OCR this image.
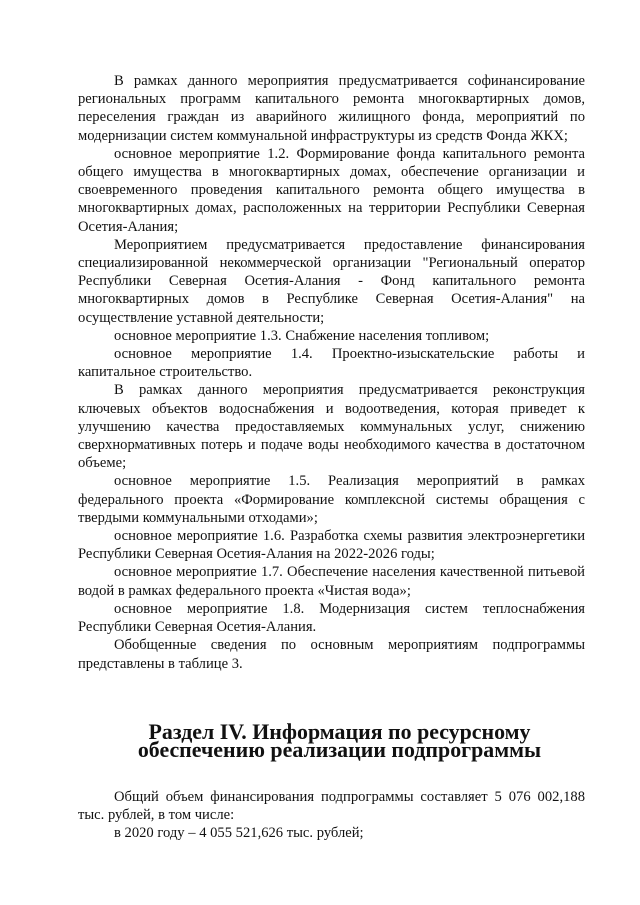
В рамках данного мероприятия предусматривается софинансирование региональных программ капитального ремонта многоквартирных домов, переселения граждан из аварийного жилищного фонда, мероприятий по модернизации систем коммунальной инфраструктуры из средств Фонда ЖКХ;

основное мероприятие 1.2. Формирование фонда капитального ремонта общего имущества в многоквартирных домах, обеспечение организации и своевременного проведения капитального ремонта общего имущества в многоквартирных домах, расположенных на территории Республики Северная Осетия-Алания;

Мероприятием предусматривается предоставление финансирования специализированной некоммерческой организации "Региональный оператор Республики Северная Осетия-Алания - Фонд капитального ремонта многоквартирных домов в Республике Северная Осетия-Алания" на осуществление уставной деятельности;

основное мероприятие 1.3. Снабжение населения топливом;

основное мероприятие 1.4. Проектно-изыскательские работы и капитальное строительство.

В рамках данного мероприятия предусматривается реконструкция ключевых объектов водоснабжения и водоотведения, которая приведет к улучшению качества предоставляемых коммунальных услуг, снижению сверхнормативных потерь и подаче воды необходимого качества в достаточном объеме;

основное мероприятие 1.5. Реализация мероприятий в рамках федерального проекта «Формирование комплексной системы обращения с твердыми коммунальными отходами»;

основное мероприятие 1.6. Разработка схемы развития электроэнергетики Республики Северная Осетия-Алания на 2022-2026 годы;

основное мероприятие 1.7. Обеспечение населения качественной питьевой водой в рамках федерального проекта «Чистая вода»;

основное мероприятие 1.8. Модернизация систем теплоснабжения Республики Северная Осетия-Алания.

Обобщенные сведения по основным мероприятиям подпрограммы представлены в таблице 3.

Раздел IV. Информация по ресурсному обеспечению реализации подпрограммы

Общий объем финансирования подпрограммы составляет 5 076 002,188 тыс. рублей, в том числе:

в 2020 году – 4 055 521,626 тыс. рублей;
